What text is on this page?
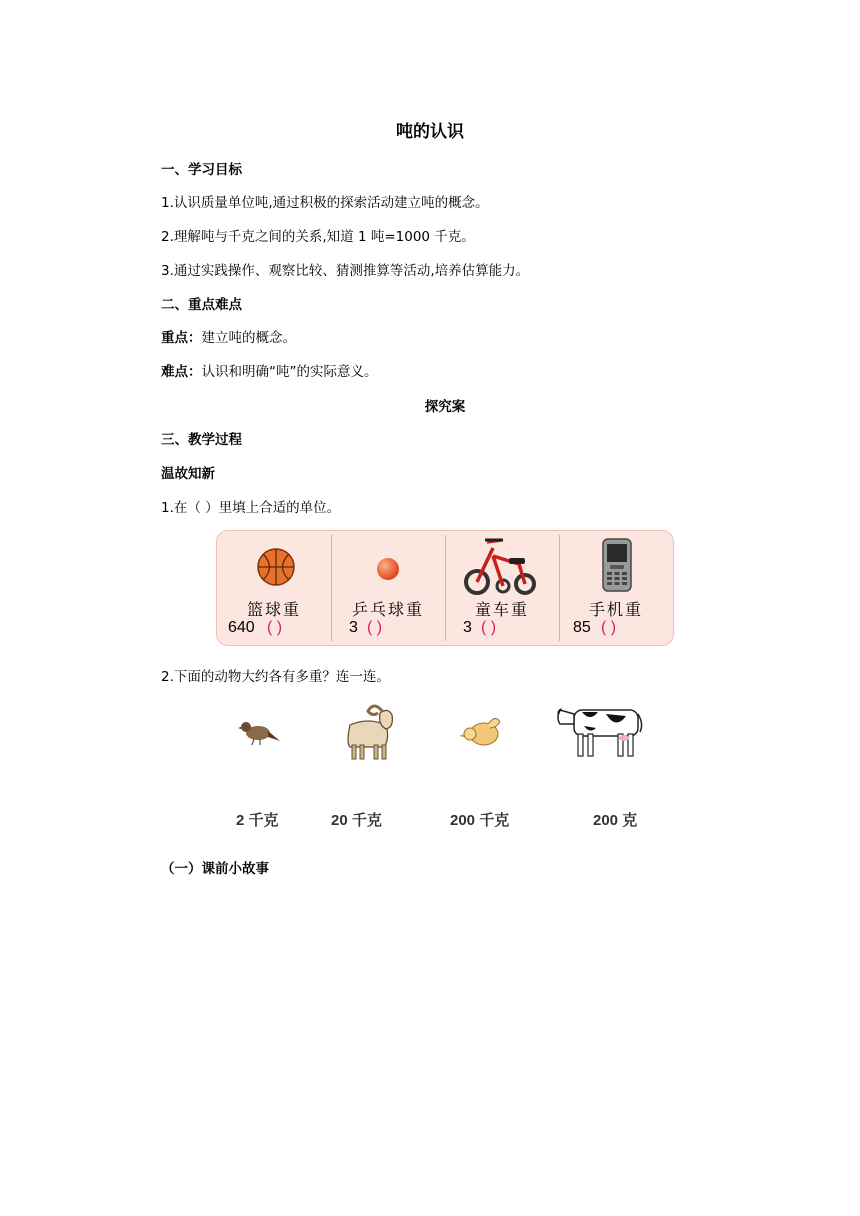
吨的认识
一、学习目标
1.认识质量单位吨,通过积极的探索活动建立吨的概念。
2.理解吨与千克之间的关系,知道 1 吨=1000 千克。
3.通过实践操作、观察比较、猜测推算等活动,培养估算能力。
二、重点难点
重点：建立吨的概念。
难点：认识和明确“吨”的实际意义。
探究案
三、教学过程
温故知新
1.在（ ）里填上合适的单位。
篮球重
640 ( )
乒乓球重
3 ( )
童车重
3 ( )
手机重
85 ( )
2.下面的动物大约各有多重？连一连。
2 千克	20 千克	200 千克	200 克
（一）课前小故事
